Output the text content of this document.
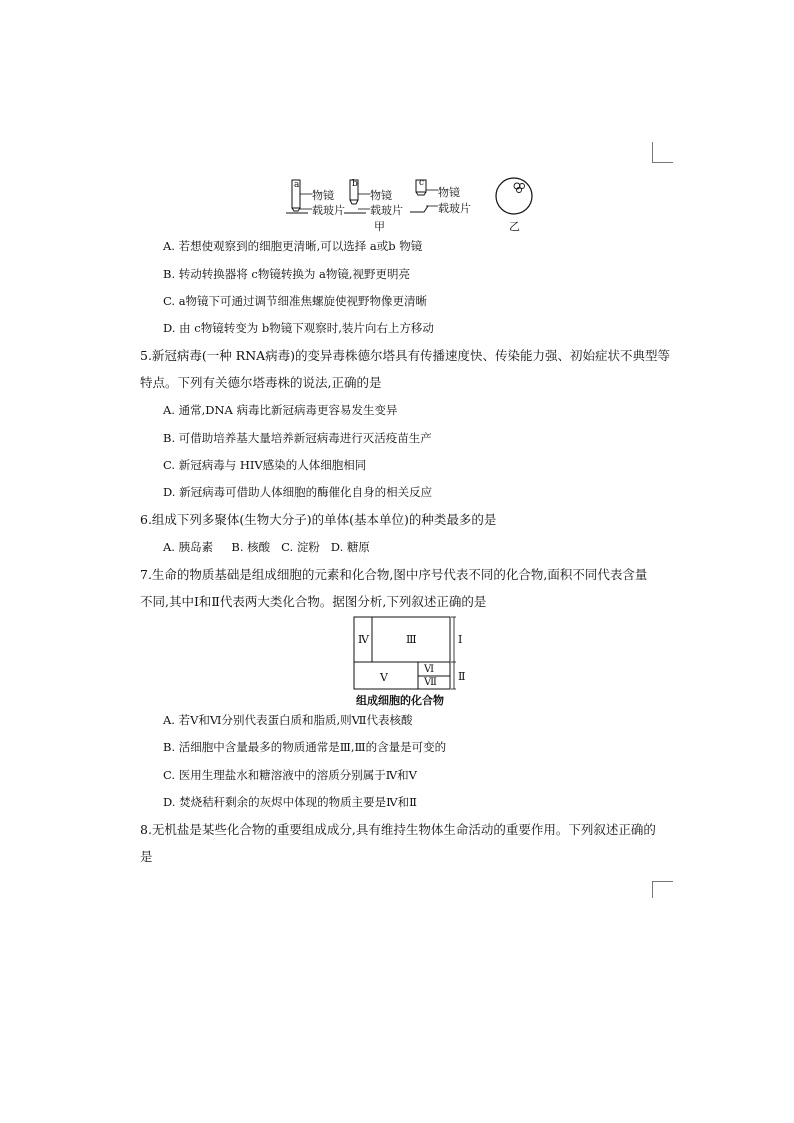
a	b	c
物镜
载玻片
物镜
载玻片
物镜
载玻片
甲	乙
A. 若想使观察到的细胞更清晰,可以选择 a或b 物镜
B. 转动转换器将 c物镜转换为 a物镜,视野更明亮
C. a物镜下可通过调节细准焦螺旋使视野物像更清晰
D. 由 c物镜转变为 b物镜下观察时,装片向右上方移动
5.新冠病毒(一种 RNA病毒)的变异毒株德尔塔具有传播速度快、传染能力强、初始症状不典型等
特点。下列有关德尔塔毒株的说法,正确的是
A. 通常,DNA 病毒比新冠病毒更容易发生变异
B. 可借助培养基大量培养新冠病毒进行灭活疫苗生产
C. 新冠病毒与 HIV感染的人体细胞相同
D. 新冠病毒可借助人体细胞的酶催化自身的相关反应
6.组成下列多聚体(生物大分子)的单体(基本单位)的种类最多的是
A. 胰岛素     B. 核酸   C. 淀粉   D. 糖原
7.生命的物质基础是组成细胞的元素和化合物,图中序号代表不同的化合物,面积不同代表含量
不同,其中Ⅰ和Ⅱ代表两大类化合物。据图分析,下列叙述正确的是
Ⅳ	Ⅲ	Ⅰ
Ⅴ
Ⅵ
Ⅶ Ⅱ
组成细胞的化合物
A. 若Ⅴ和Ⅵ分别代表蛋白质和脂质,则Ⅶ代表核酸
B. 活细胞中含量最多的物质通常是Ⅲ,Ⅲ的含量是可变的
C. 医用生理盐水和糖溶液中的溶质分别属于Ⅳ和Ⅴ
D. 焚烧秸秆剩余的灰烬中体现的物质主要是Ⅳ和Ⅱ
8.无机盐是某些化合物的重要组成成分,具有维持生物体生命活动的重要作用。下列叙述正确的
是
